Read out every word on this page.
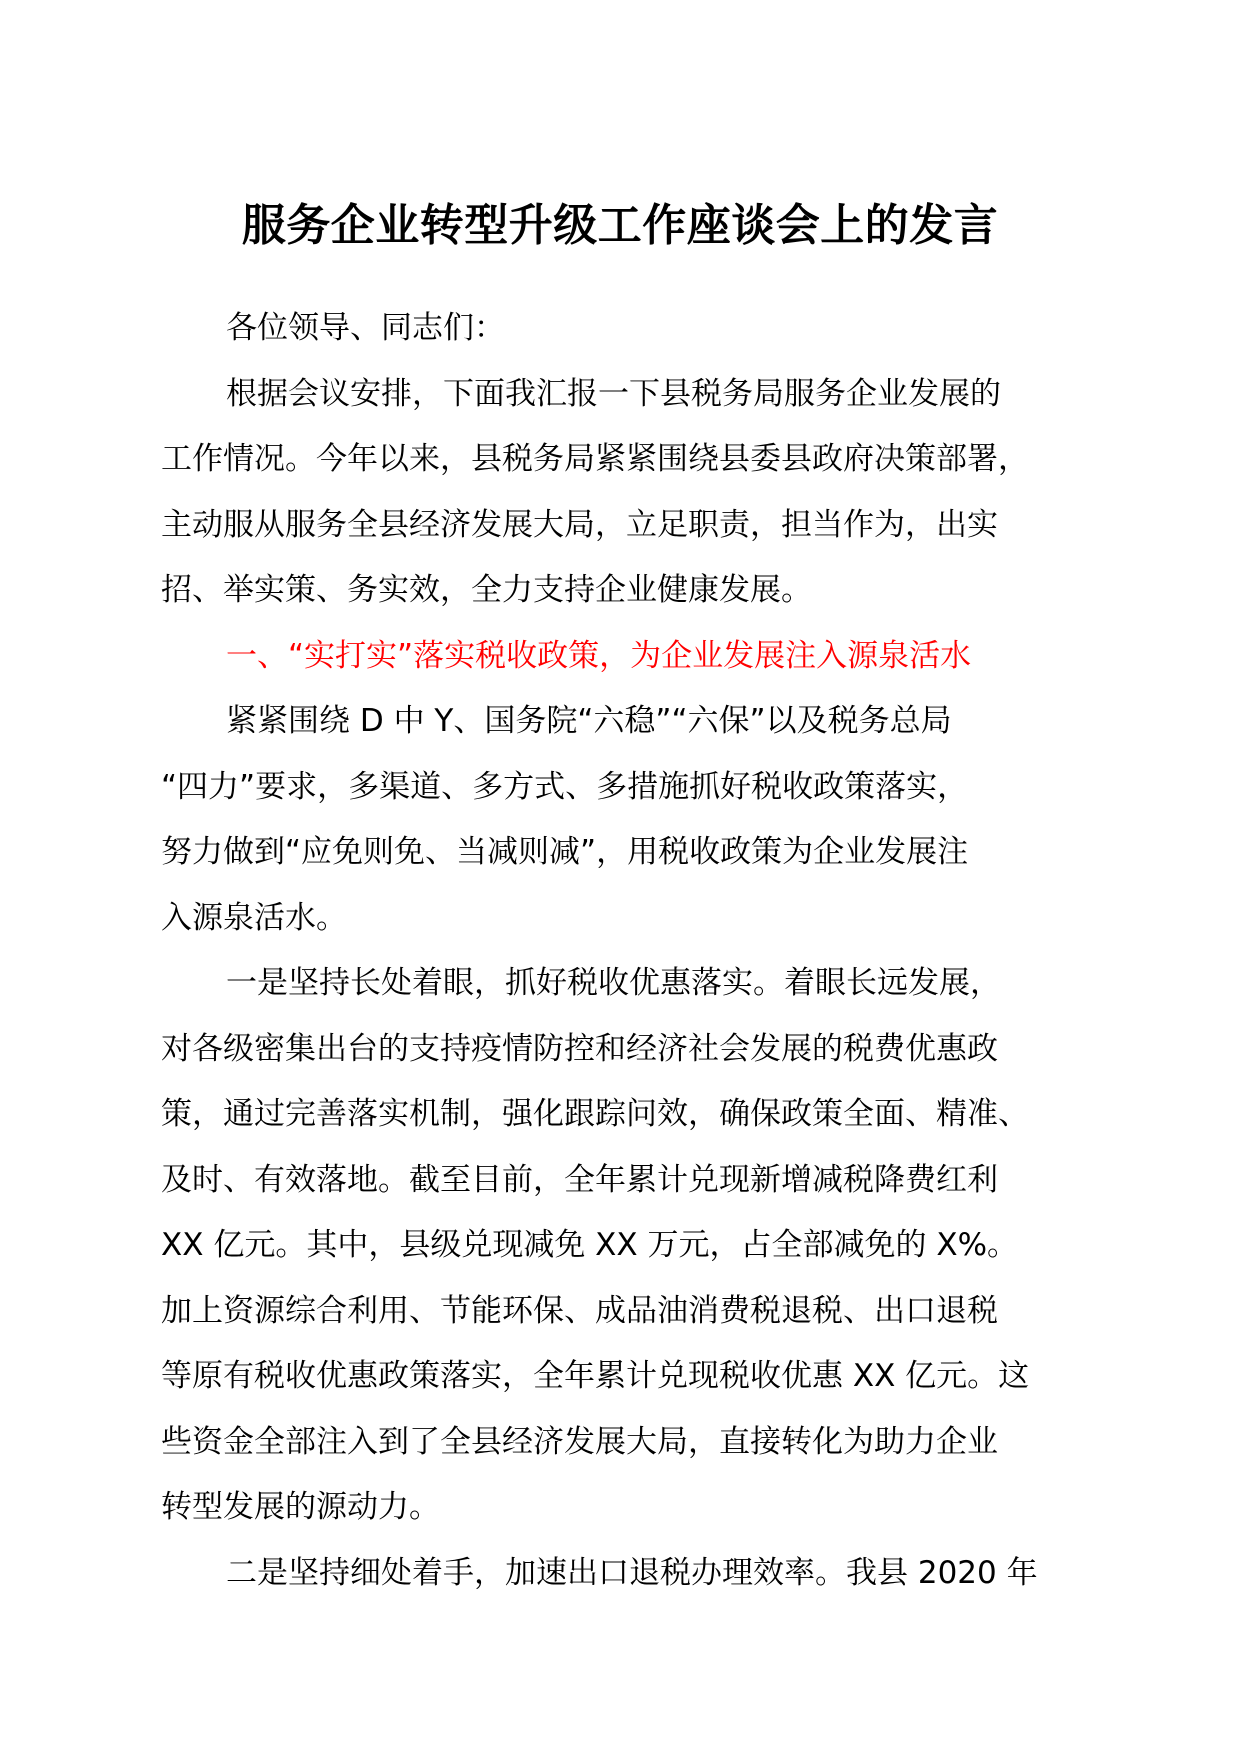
服务企业转型升级工作座谈会上的发言
各位领导、同志们：
根据会议安排，下面我汇报一下县税务局服务企业发展的
工作情况。今年以来，县税务局紧紧围绕县委县政府决策部署，
主动服从服务全县经济发展大局，立足职责，担当作为，出实
招、举实策、务实效，全力支持企业健康发展。
一、“实打实”落实税收政策，为企业发展注入源泉活水
紧紧围绕 D 中 Y、国务院“六稳”“六保”以及税务总局
“四力”要求，多渠道、多方式、多措施抓好税收政策落实，
努力做到“应免则免、当减则减”，用税收政策为企业发展注
入源泉活水。
一是坚持长处着眼，抓好税收优惠落实。着眼长远发展，
对各级密集出台的支持疫情防控和经济社会发展的税费优惠政
策，通过完善落实机制，强化跟踪问效，确保政策全面、精准、
及时、有效落地。截至目前，全年累计兑现新增减税降费红利
XX 亿元。其中，县级兑现减免 XX 万元，占全部减免的 X%。
加上资源综合利用、节能环保、成品油消费税退税、出口退税
等原有税收优惠政策落实，全年累计兑现税收优惠 XX 亿元。这
些资金全部注入到了全县经济发展大局，直接转化为助力企业
转型发展的源动力。
二是坚持细处着手，加速出口退税办理效率。我县 2020 年
